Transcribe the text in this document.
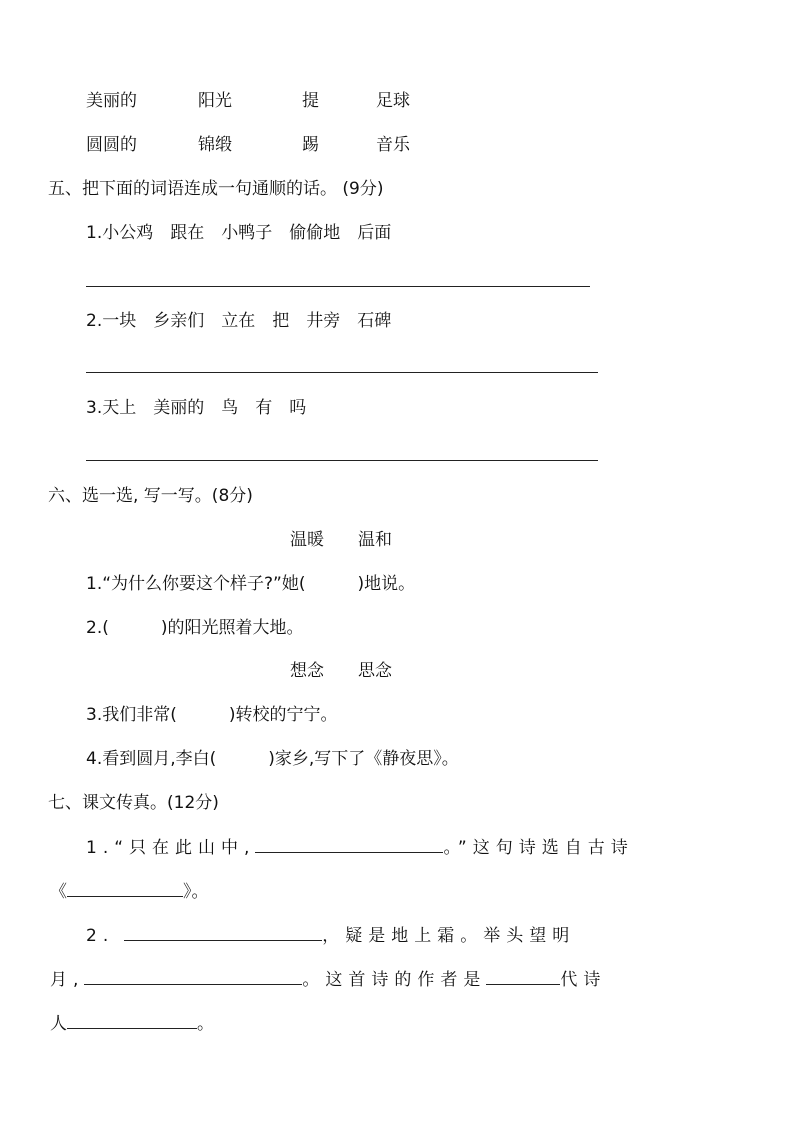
美丽的	阳光	提	足球
圆圆的	锦缎	踢	音乐
五、把下面的词语连成一句通顺的话。 (9分)
1.小公鸡　跟在　小鸭子　偷偷地　后面
2.一块　乡亲们　立在　把　井旁　石碑
3.天上　美丽的　鸟　有　吗
六、选一选, 写一写。(8分)
温暖　　温和
1.“为什么你要这个样子?”她(	)地说。
2.(	)的阳光照着大地。
想念　　思念
3.我们非常(	)转校的宁宁。
4.看到圆月,李白(	)家乡,写下了《静夜思》。
七、课文传真。(12分)
1.“只在此山中,	。”这句诗选自古诗
《	》。
2.	，疑是地上霜。举头望明
月,	。这首诗的作者是	代诗
人	。
